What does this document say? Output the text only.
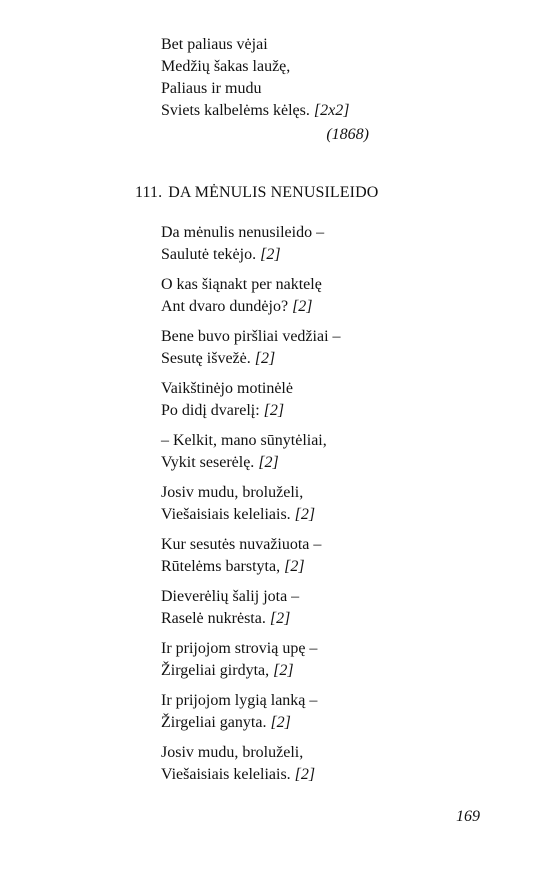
Bet paliaus vėjai
Medžių šakas laužę,
Paliaus ir mudu
Sviets kalbelėms kėlęs. [2x2]
(1868)
111. DA MĖNULIS NENUSILEIDO
Da mėnulis nenusileido –
Saulutė tekėjo. [2]
O kas šiąnakt per naktelę
Ant dvaro dundėjo? [2]
Bene buvo piršliai vedžiai –
Sesutę išvežė. [2]
Vaikštinėjo motinėlė
Po didį dvarelį: [2]
– Kelkit, mano sūnytėliai,
Vykit seserėlę. [2]
Josiv mudu, broluželi,
Viešaisiais keleliais. [2]
Kur sesutės nuvažiuota –
Rūtelėms barstyta, [2]
Dieverėlių šalij jota –
Raselė nukrėsta. [2]
Ir prijojom strovią upę –
Žirgeliai girdyta, [2]
Ir prijojom lygią lanką –
Žirgeliai ganyta. [2]
Josiv mudu, broluželi,
Viešaisiais keleliais. [2]
169
